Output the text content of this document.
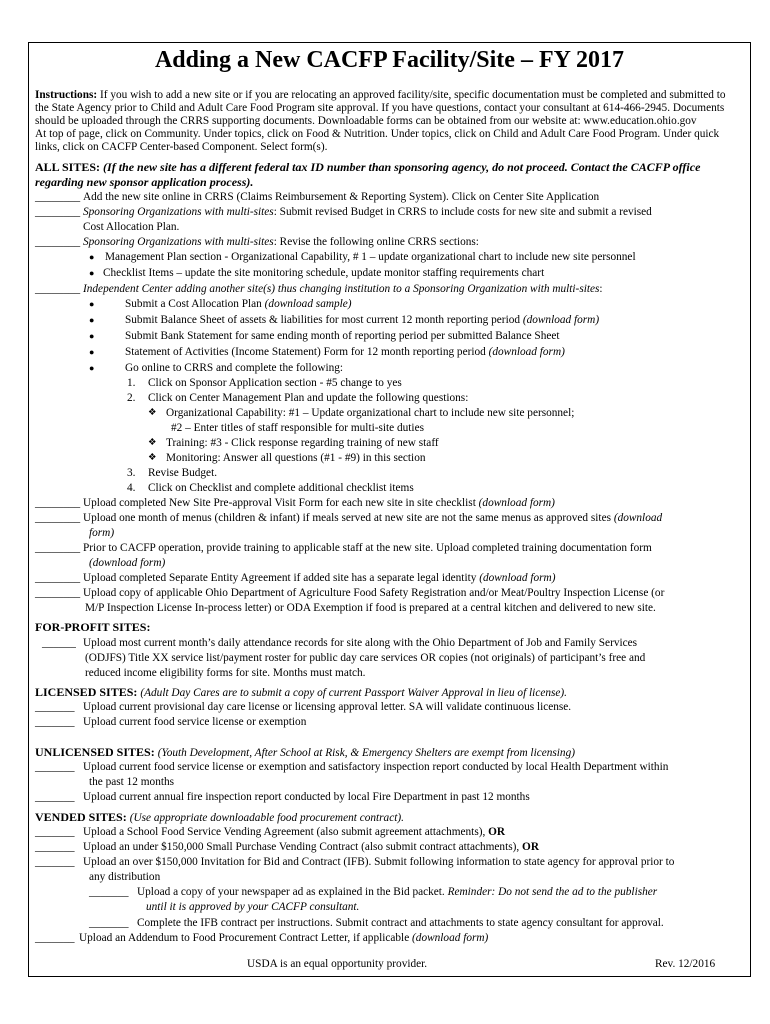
Adding a New CACFP Facility/Site – FY 2017
Instructions: If you wish to add a new site or if you are relocating an approved facility/site, specific documentation must be completed and submitted to
the State Agency prior to Child and Adult Care Food Program site approval. If you have questions, contact your consultant at 614-466-2945. Documents
should be uploaded through the CRRS supporting documents. Downloadable forms can be obtained from our website at: www.education.ohio.gov
At top of page, click on Community. Under topics, click on Food & Nutrition. Under topics, click on Child and Adult Care Food Program. Under quick
links, click on CACFP Center-based Component. Select form(s).
ALL SITES: (If the new site has a different federal tax ID number than sponsoring agency, do not proceed. Contact the CACFP office
regarding new sponsor application process).
________ Add the new site online in CRRS (Claims Reimbursement & Reporting System). Click on Center Site Application
________ Sponsoring Organizations with multi-sites: Submit revised Budget in CRRS to include costs for new site and submit a revised
Cost Allocation Plan.
________ Sponsoring Organizations with multi-sites: Revise the following online CRRS sections:
● Management Plan section - Organizational Capability, # 1 – update organizational chart to include new site personnel
● Checklist Items – update the site monitoring schedule, update monitor staffing requirements chart
________ Independent Center adding another site(s) thus changing institution to a Sponsoring Organization with multi-sites:
●	Submit a Cost Allocation Plan (download sample)
●	Submit Balance Sheet of assets & liabilities for most current 12 month reporting period (download form)
●	Submit Bank Statement for same ending month of reporting period per submitted Balance Sheet
●	Statement of Activities (Income Statement) Form for 12 month reporting period (download form)
●	Go online to CRRS and complete the following:
1. Click on Sponsor Application section - #5 change to yes
2. Click on Center Management Plan and update the following questions:
❖ Organizational Capability: #1 – Update organizational chart to include new site personnel;
#2 – Enter titles of staff responsible for multi-site duties
❖ Training: #3 - Click response regarding training of new staff
❖ Monitoring: Answer all questions (#1 - #9) in this section
3. Revise Budget.
4. Click on Checklist and complete additional checklist items
________ Upload completed New Site Pre-approval Visit Form for each new site in site checklist (download form)
________ Upload one month of menus (children & infant) if meals served at new site are not the same menus as approved sites (download
form)
________ Prior to CACFP operation, provide training to applicable staff at the new site. Upload completed training documentation form
(download form)
________ Upload completed Separate Entity Agreement if added site has a separate legal identity (download form)
________ Upload copy of applicable Ohio Department of Agriculture Food Safety Registration and/or Meat/Poultry Inspection License (or
M/P Inspection License In-process letter) or ODA Exemption if food is prepared at a central kitchen and delivered to new site.
FOR-PROFIT SITES:
______ Upload most current month’s daily attendance records for site along with the Ohio Department of Job and Family Services
(ODJFS) Title XX service list/payment roster for public day care services OR copies (not originals) of participant’s free and
reduced income eligibility forms for site. Months must match.
LICENSED SITES: (Adult Day Cares are to submit a copy of current Passport Waiver Approval in lieu of license).
_______ Upload current provisional day care license or licensing approval letter. SA will validate continuous license.
_______ Upload current food service license or exemption
UNLICENSED SITES: (Youth Development, After School at Risk, & Emergency Shelters are exempt from licensing)
_______ Upload current food service license or exemption and satisfactory inspection report conducted by local Health Department within
the past 12 months
_______ Upload current annual fire inspection report conducted by local Fire Department in past 12 months
VENDED SITES: (Use appropriate downloadable food procurement contract).
_______ Upload a School Food Service Vending Agreement (also submit agreement attachments), OR
_______ Upload an under $150,000 Small Purchase Vending Contract (also submit contract attachments), OR
_______ Upload an over $150,000 Invitation for Bid and Contract (IFB). Submit following information to state agency for approval prior to
any distribution
_______ Upload a copy of your newspaper ad as explained in the Bid packet. Reminder: Do not send the ad to the publisher
until it is approved by your CACFP consultant.
_______ Complete the IFB contract per instructions. Submit contract and attachments to state agency consultant for approval.
_______ Upload an Addendum to Food Procurement Contract Letter, if applicable (download form)
USDA is an equal opportunity provider.	Rev. 12/2016
